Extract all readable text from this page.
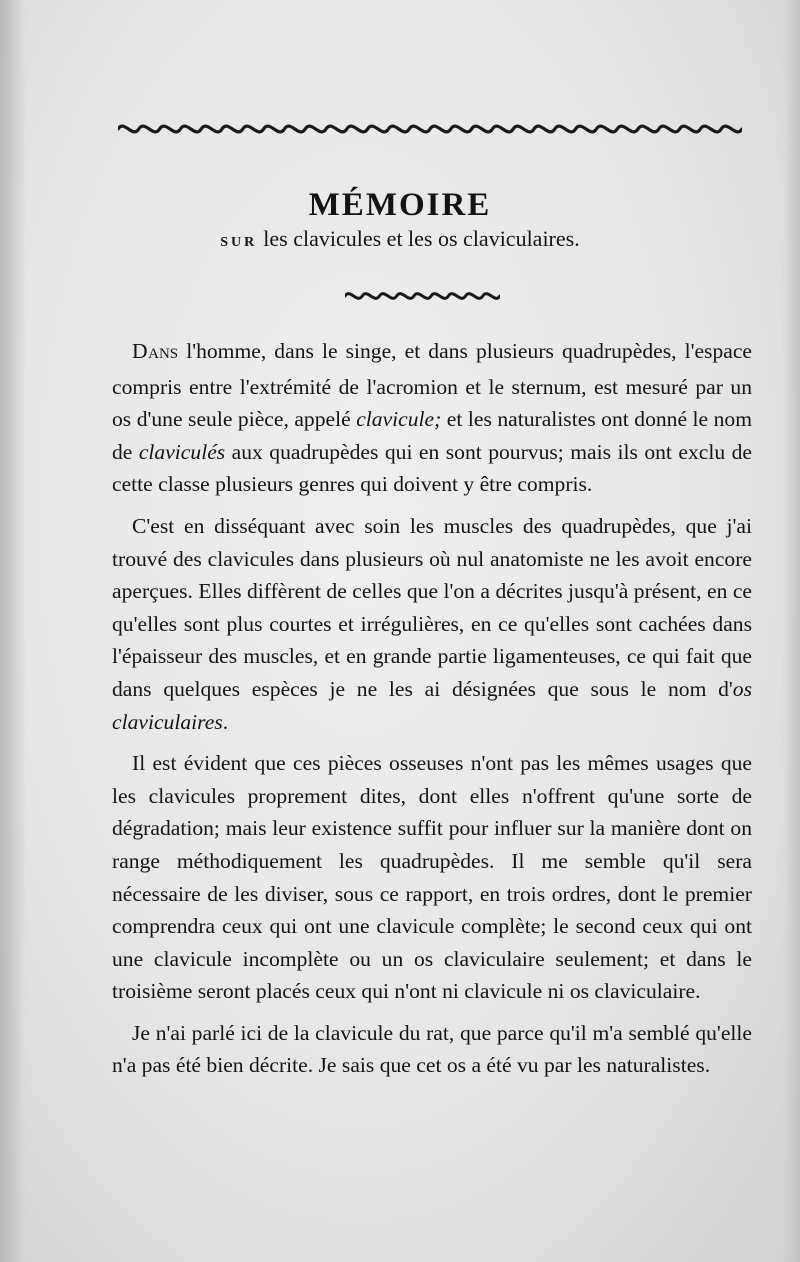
MÉMOIRE
SUR les clavicules et les os claviculaires.

DANS l'homme, dans le singe, et dans plusieurs quadrupèdes, l'espace compris entre l'extrémité de l'acromion et le sternum, est mesuré par un os d'une seule pièce, appelé clavicule; et les naturalistes ont donné le nom de claviculés aux quadrupèdes qui en sont pourvus; mais ils ont exclu de cette classe plusieurs genres qui doivent y être compris.

C'est en disséquant avec soin les muscles des quadrupèdes, que j'ai trouvé des clavicules dans plusieurs où nul anatomiste ne les avoit encore aperçues. Elles diffèrent de celles que l'on a décrites jusqu'à présent, en ce qu'elles sont plus courtes et irrégulières, en ce qu'elles sont cachées dans l'épaisseur des muscles, et en grande partie ligamenteuses, ce qui fait que dans quelques espèces je ne les ai désignées que sous le nom d'os claviculaires.

Il est évident que ces pièces osseuses n'ont pas les mêmes usages que les clavicules proprement dites, dont elles n'offrent qu'une sorte de dégradation; mais leur existence suffit pour influer sur la manière dont on range méthodiquement les quadrupèdes. Il me semble qu'il sera nécessaire de les diviser, sous ce rapport, en trois ordres, dont le premier comprendra ceux qui ont une clavicule complète; le second ceux qui ont une clavicule incomplète ou un os claviculaire seulement; et dans le troisième seront placés ceux qui n'ont ni clavicule ni os claviculaire.

Je n'ai parlé ici de la clavicule du rat, que parce qu'il m'a semblé qu'elle n'a pas été bien décrite. Je sais que cet os a été vu par les naturalistes.
